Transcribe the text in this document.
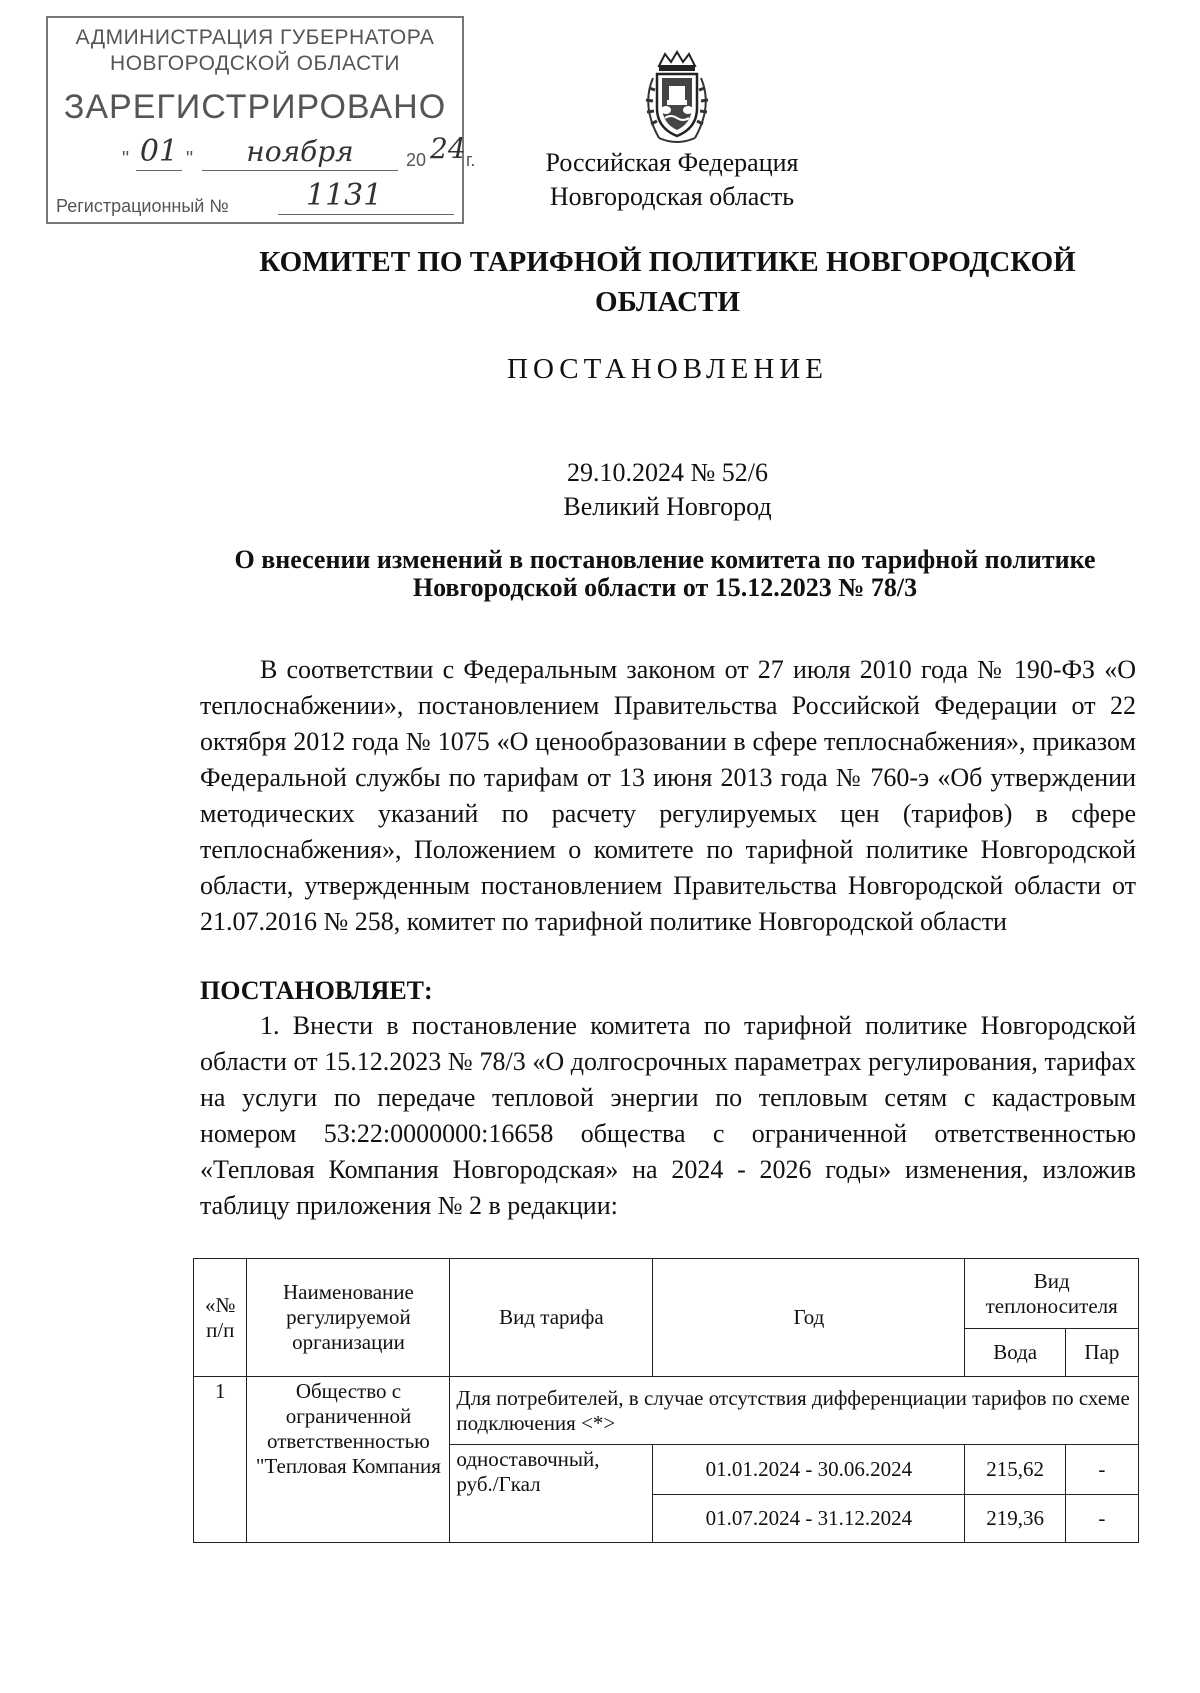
АДМИНИСТРАЦИЯ ГУБЕРНАТОРА
НОВГОРОДСКОЙ ОБЛАСТИ
ЗАРЕГИСТРИРОВАНО
" 01 "	ноября	20 24 г.
Регистрационный №	1131
Российская Федерация
Новгородская область
КОМИТЕТ ПО ТАРИФНОЙ ПОЛИТИКЕ НОВГОРОДСКОЙ ОБЛАСТИ
ПОСТАНОВЛЕНИЕ
29.10.2024 № 52/6
Великий Новгород
О внесении изменений в постановление комитета по тарифной политике Новгородской области от 15.12.2023 № 78/3
В соответствии с Федеральным законом от 27 июля 2010 года № 190-ФЗ «О теплоснабжении», постановлением Правительства Российской Федерации от 22 октября 2012 года № 1075 «О ценообразовании в сфере теплоснабжения», приказом Федеральной службы по тарифам от 13 июня 2013 года № 760-э «Об утверждении методических указаний по расчету регулируемых цен (тарифов) в сфере теплоснабжения», Положением о комитете по тарифной политике Новгородской области, утвержденным постановлением Правительства Новгородской области от 21.07.2016 № 258, комитет по тарифной политике Новгородской области
ПОСТАНОВЛЯЕТ:
1. Внести в постановление комитета по тарифной политике Новгородской области от 15.12.2023 № 78/3 «О долгосрочных параметрах регулирования, тарифах на услуги по передаче тепловой энергии по тепловым сетям с кадастровым номером 53:22:0000000:16658 общества с ограниченной ответственностью «Тепловая Компания Новгородская» на 2024 - 2026 годы» изменения, изложив таблицу приложения № 2 в редакции:
«№ п/п	Наименование регулируемой организации	Вид тарифа	Год	Вид теплоносителя	
				Вода	Пар
1	Общество с ограниченной ответственностью "Тепловая Компания	Для потребителей, в случае отсутствия дифференциации тарифов по схеме подключения <*>			
		одноставочный, руб./Гкал	01.01.2024 - 30.06.2024	215,62	-
			01.07.2024 - 31.12.2024	219,36	-
